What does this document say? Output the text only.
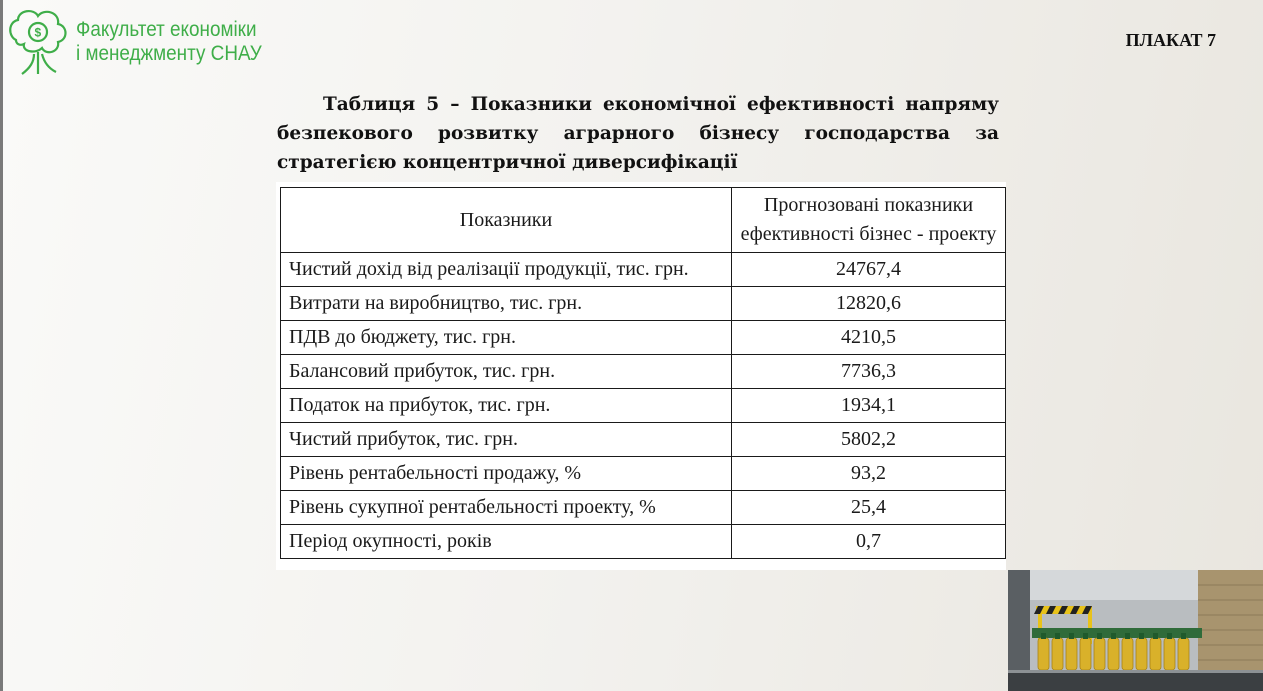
$ Факультет економіки
і менеджменту СНАУ
ПЛАКАТ 7

Таблиця 5 – Показники економічної ефективності напряму безпекового розвитку аграрного бізнесу господарства за стратегією концентричної диверсифікації

Показники	Прогнозовані показники ефективності бізнес - проекту
Чистий дохід від реалізації продукції, тис. грн.	24767,4
Витрати на виробництво, тис. грн.	12820,6
ПДВ до бюджету, тис. грн.	4210,5
Балансовий прибуток, тис. грн.	7736,3
Податок на прибуток, тис. грн.	1934,1
Чистий прибуток, тис. грн.	5802,2
Рівень рентабельності продажу, %	93,2
Рівень сукупної рентабельності проекту, %	25,4
Період окупності, років	0,7
